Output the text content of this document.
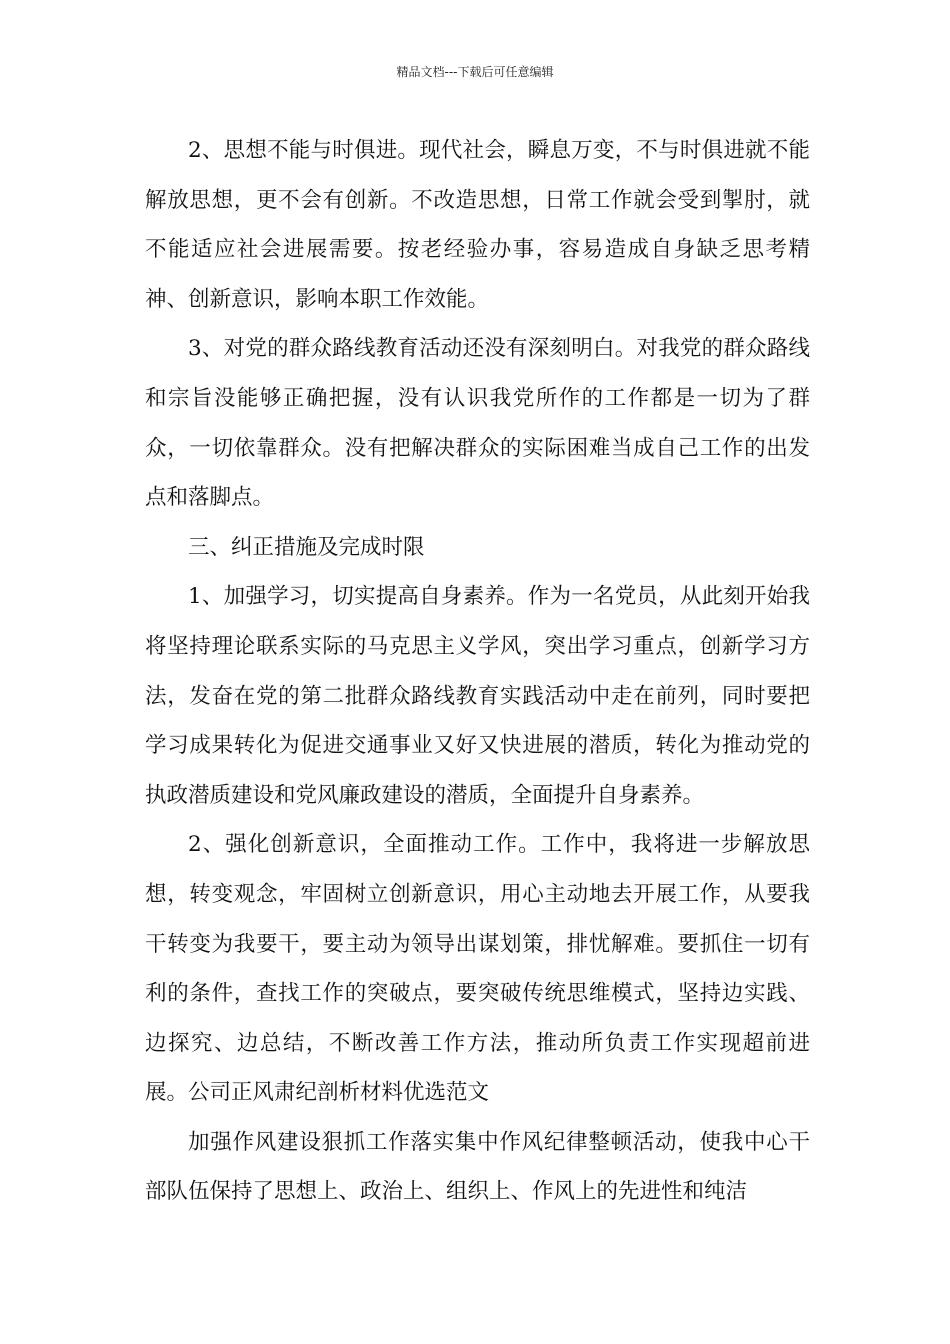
精品文档---下载后可任意编辑

2、思想不能与时俱进。现代社会，瞬息万变，不与时俱进就不能解放思想，更不会有创新。不改造思想，日常工作就会受到掣肘，就不能适应社会进展需要。按老经验办事，容易造成自身缺乏思考精神、创新意识，影响本职工作效能。

3、对党的群众路线教育活动还没有深刻明白。对我党的群众路线和宗旨没能够正确把握，没有认识我党所作的工作都是一切为了群众，一切依靠群众。没有把解决群众的实际困难当成自己工作的出发点和落脚点。

三、纠正措施及完成时限

1、加强学习，切实提高自身素养。作为一名党员，从此刻开始我将坚持理论联系实际的马克思主义学风，突出学习重点，创新学习方法，发奋在党的第二批群众路线教育实践活动中走在前列，同时要把学习成果转化为促进交通事业又好又快进展的潜质，转化为推动党的执政潜质建设和党风廉政建设的潜质，全面提升自身素养。

2、强化创新意识，全面推动工作。工作中，我将进一步解放思想，转变观念，牢固树立创新意识，用心主动地去开展工作，从要我干转变为我要干，要主动为领导出谋划策，排忧解难。要抓住一切有利的条件，查找工作的突破点，要突破传统思维模式，坚持边实践、边探究、边总结，不断改善工作方法，推动所负责工作实现超前进展。公司正风肃纪剖析材料优选范文

加强作风建设狠抓工作落实集中作风纪律整顿活动，使我中心干部队伍保持了思想上、政治上、组织上、作风上的先进性和纯洁
